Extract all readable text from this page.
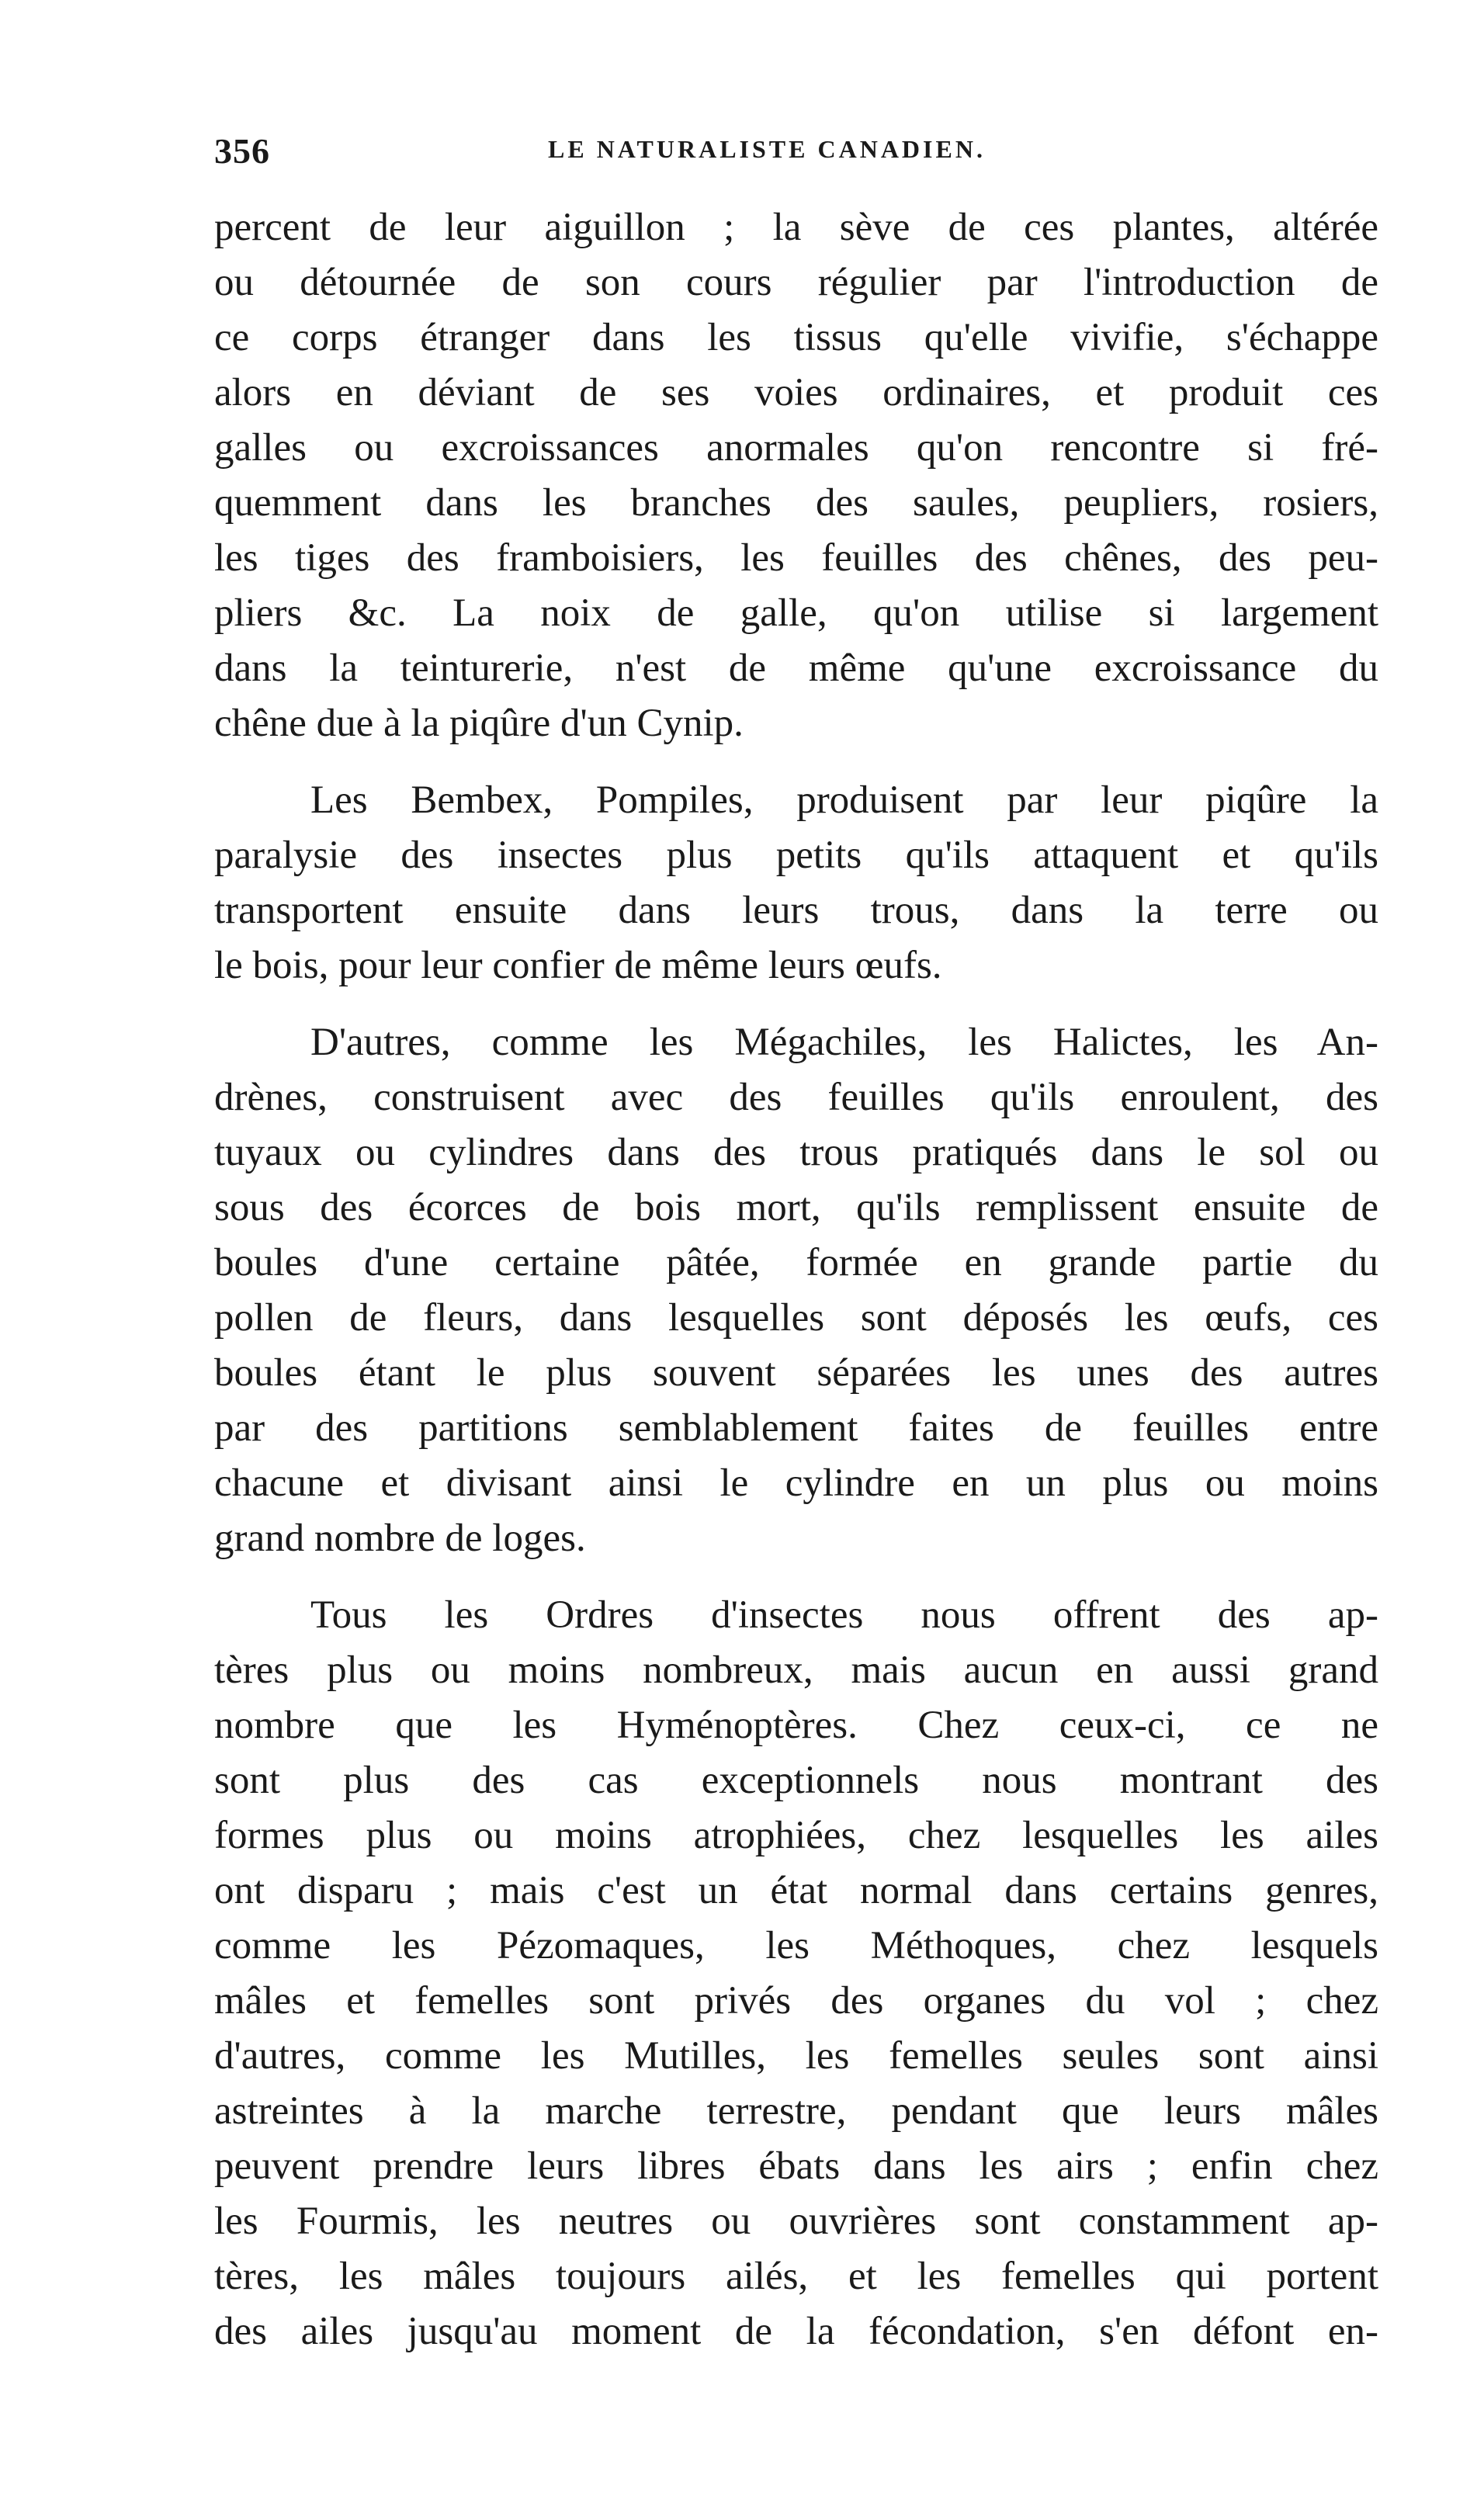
356	LE NATURALISTE CANADIEN.
percent de leur aiguillon ; la sève de ces plantes, altérée
ou détournée de son cours régulier par l'introduction de
ce corps étranger dans les tissus qu'elle vivifie, s'échappe
alors en déviant de ses voies ordinaires, et produit ces
galles ou excroissances anormales qu'on rencontre si fré-
quemment dans les branches des saules, peupliers, rosiers,
les tiges des framboisiers, les feuilles des chênes, des peu-
pliers &c. La noix de galle, qu'on utilise si largement
dans la teinturerie, n'est de même qu'une excroissance du
chêne due à la piqûre d'un Cynip.
Les Bembex, Pompiles, produisent par leur piqûre la
paralysie des insectes plus petits qu'ils attaquent et qu'ils
transportent ensuite dans leurs trous, dans la terre ou
le bois, pour leur confier de même leurs œufs.
D'autres, comme les Mégachiles, les Halictes, les An-
drènes, construisent avec des feuilles qu'ils enroulent, des
tuyaux ou cylindres dans des trous pratiqués dans le sol ou
sous des écorces de bois mort, qu'ils remplissent ensuite de
boules d'une certaine pâtée, formée en grande partie du
pollen de fleurs, dans lesquelles sont déposés les œufs, ces
boules étant le plus souvent séparées les unes des autres
par des partitions semblablement faites de feuilles entre
chacune et divisant ainsi le cylindre en un plus ou moins
grand nombre de loges.
Tous les Ordres d'insectes nous offrent des ap-
tères plus ou moins nombreux, mais aucun en aussi grand
nombre que les Hyménoptères. Chez ceux-ci, ce ne
sont plus des cas exceptionnels nous montrant des
formes plus ou moins atrophiées, chez lesquelles les ailes
ont disparu ; mais c'est un état normal dans certains genres,
comme les Pézomaques, les Méthoques, chez lesquels
mâles et femelles sont privés des organes du vol ; chez
d'autres, comme les Mutilles, les femelles seules sont ainsi
astreintes à la marche terrestre, pendant que leurs mâles
peuvent prendre leurs libres ébats dans les airs ; enfin chez
les Fourmis, les neutres ou ouvrières sont constamment ap-
tères, les mâles toujours ailés, et les femelles qui portent
des ailes jusqu'au moment de la fécondation, s'en défont en-
